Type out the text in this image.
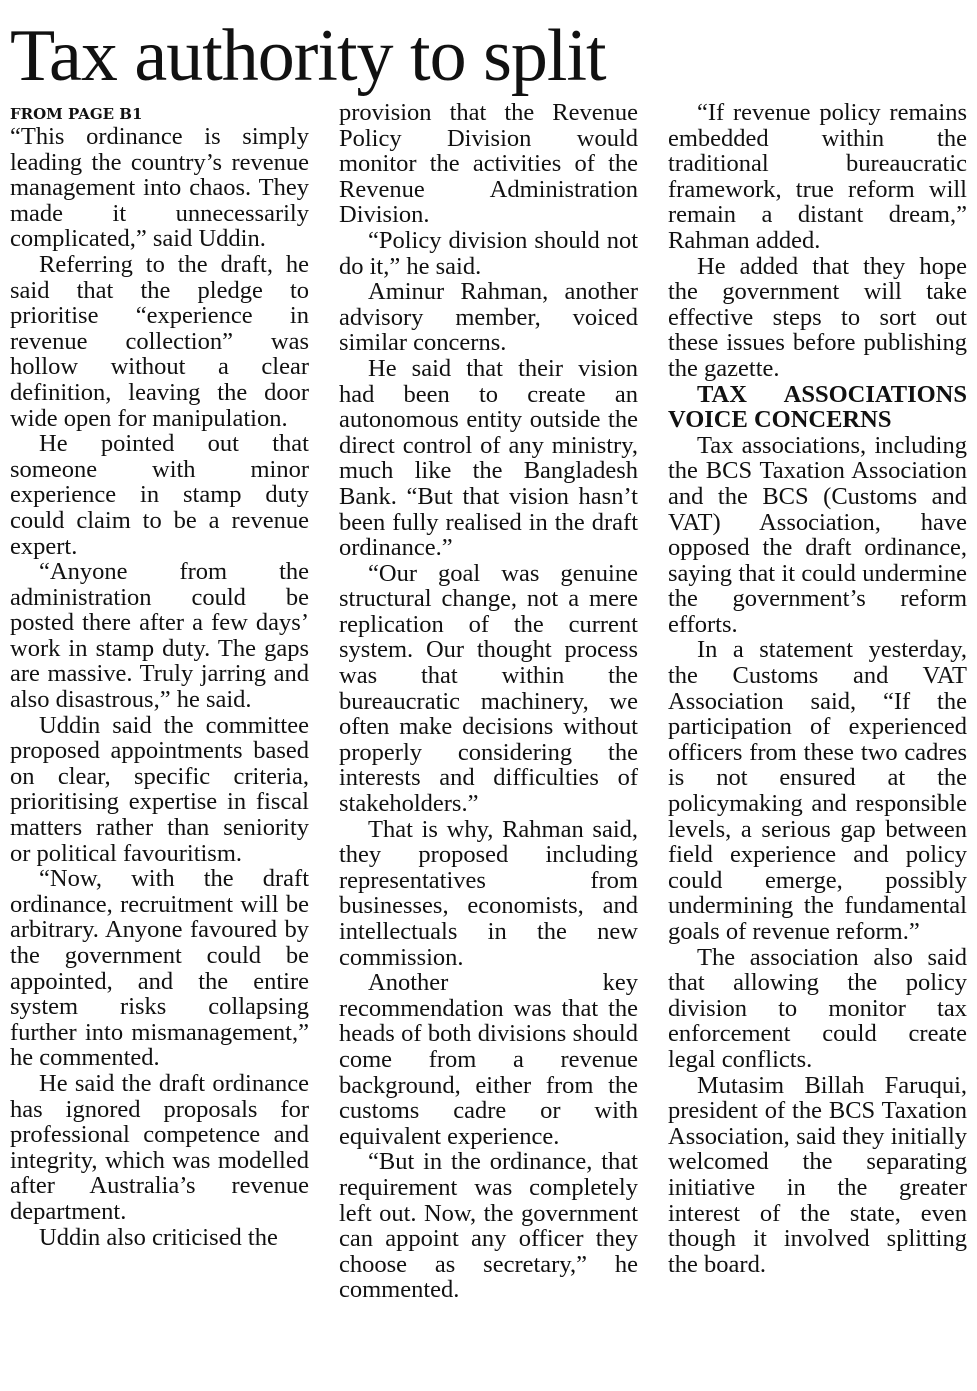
Tax authority to split
FROM PAGE B1

“This ordinance is simply leading the country’s revenue management into chaos. They made it unnecessarily complicated,” said Uddin.

Referring to the draft, he said that the pledge to prioritise “experience in revenue collection” was hollow without a clear definition, leaving the door wide open for manipulation.

He pointed out that someone with minor experience in stamp duty could claim to be a revenue expert.

“Anyone from the administration could be posted there after a few days’ work in stamp duty. The gaps are massive. Truly jarring and also disastrous,” he said.

Uddin said the committee proposed appointments based on clear, specific criteria, prioritising expertise in fiscal matters rather than seniority or political favouritism.

“Now, with the draft ordinance, recruitment will be arbitrary. Anyone favoured by the government could be appointed, and the entire system risks collapsing further into mismanagement,” he commented.

He said the draft ordinance has ignored proposals for professional competence and integrity, which was modelled after Australia’s revenue department.

Uddin also criticised the

provision that the Revenue Policy Division would monitor the activities of the Revenue Administration Division.

“Policy division should not do it,” he said.

Aminur Rahman, another advisory member, voiced similar concerns.

He said that their vision had been to create an autonomous entity outside the direct control of any ministry, much like the Bangladesh Bank. “But that vision hasn’t been fully realised in the draft ordinance.”

“Our goal was genuine structural change, not a mere replication of the current system. Our thought process was that within the bureaucratic machinery, we often make decisions without properly considering the interests and difficulties of stakeholders.”

That is why, Rahman said, they proposed including representatives from businesses, economists, and intellectuals in the new commission.

Another key recommendation was that the heads of both divisions should come from a revenue background, either from the customs cadre or with equivalent experience.

“But in the ordinance, that requirement was completely left out. Now, the government can appoint any officer they choose as secretary,” he commented.

“If revenue policy remains embedded within the traditional bureaucratic framework, true reform will remain a distant dream,” Rahman added.

He added that they hope the government will take effective steps to sort out these issues before publishing the gazette.

TAX ASSOCIATIONS
VOICE CONCERNS

Tax associations, including the BCS Taxation Association and the BCS (Customs and VAT) Association, have opposed the draft ordinance, saying that it could undermine the government’s reform efforts.

In a statement yesterday, the Customs and VAT Association said, “If the participation of experienced officers from these two cadres is not ensured at the policymaking and responsible levels, a serious gap between field experience and policy could emerge, possibly undermining the fundamental goals of revenue reform.”

The association also said that allowing the policy division to monitor tax enforcement could create legal conflicts.

Mutasim Billah Faruqui, president of the BCS Taxation Association, said they initially welcomed the separating initiative in the greater interest of the state, even though it involved splitting the board.
